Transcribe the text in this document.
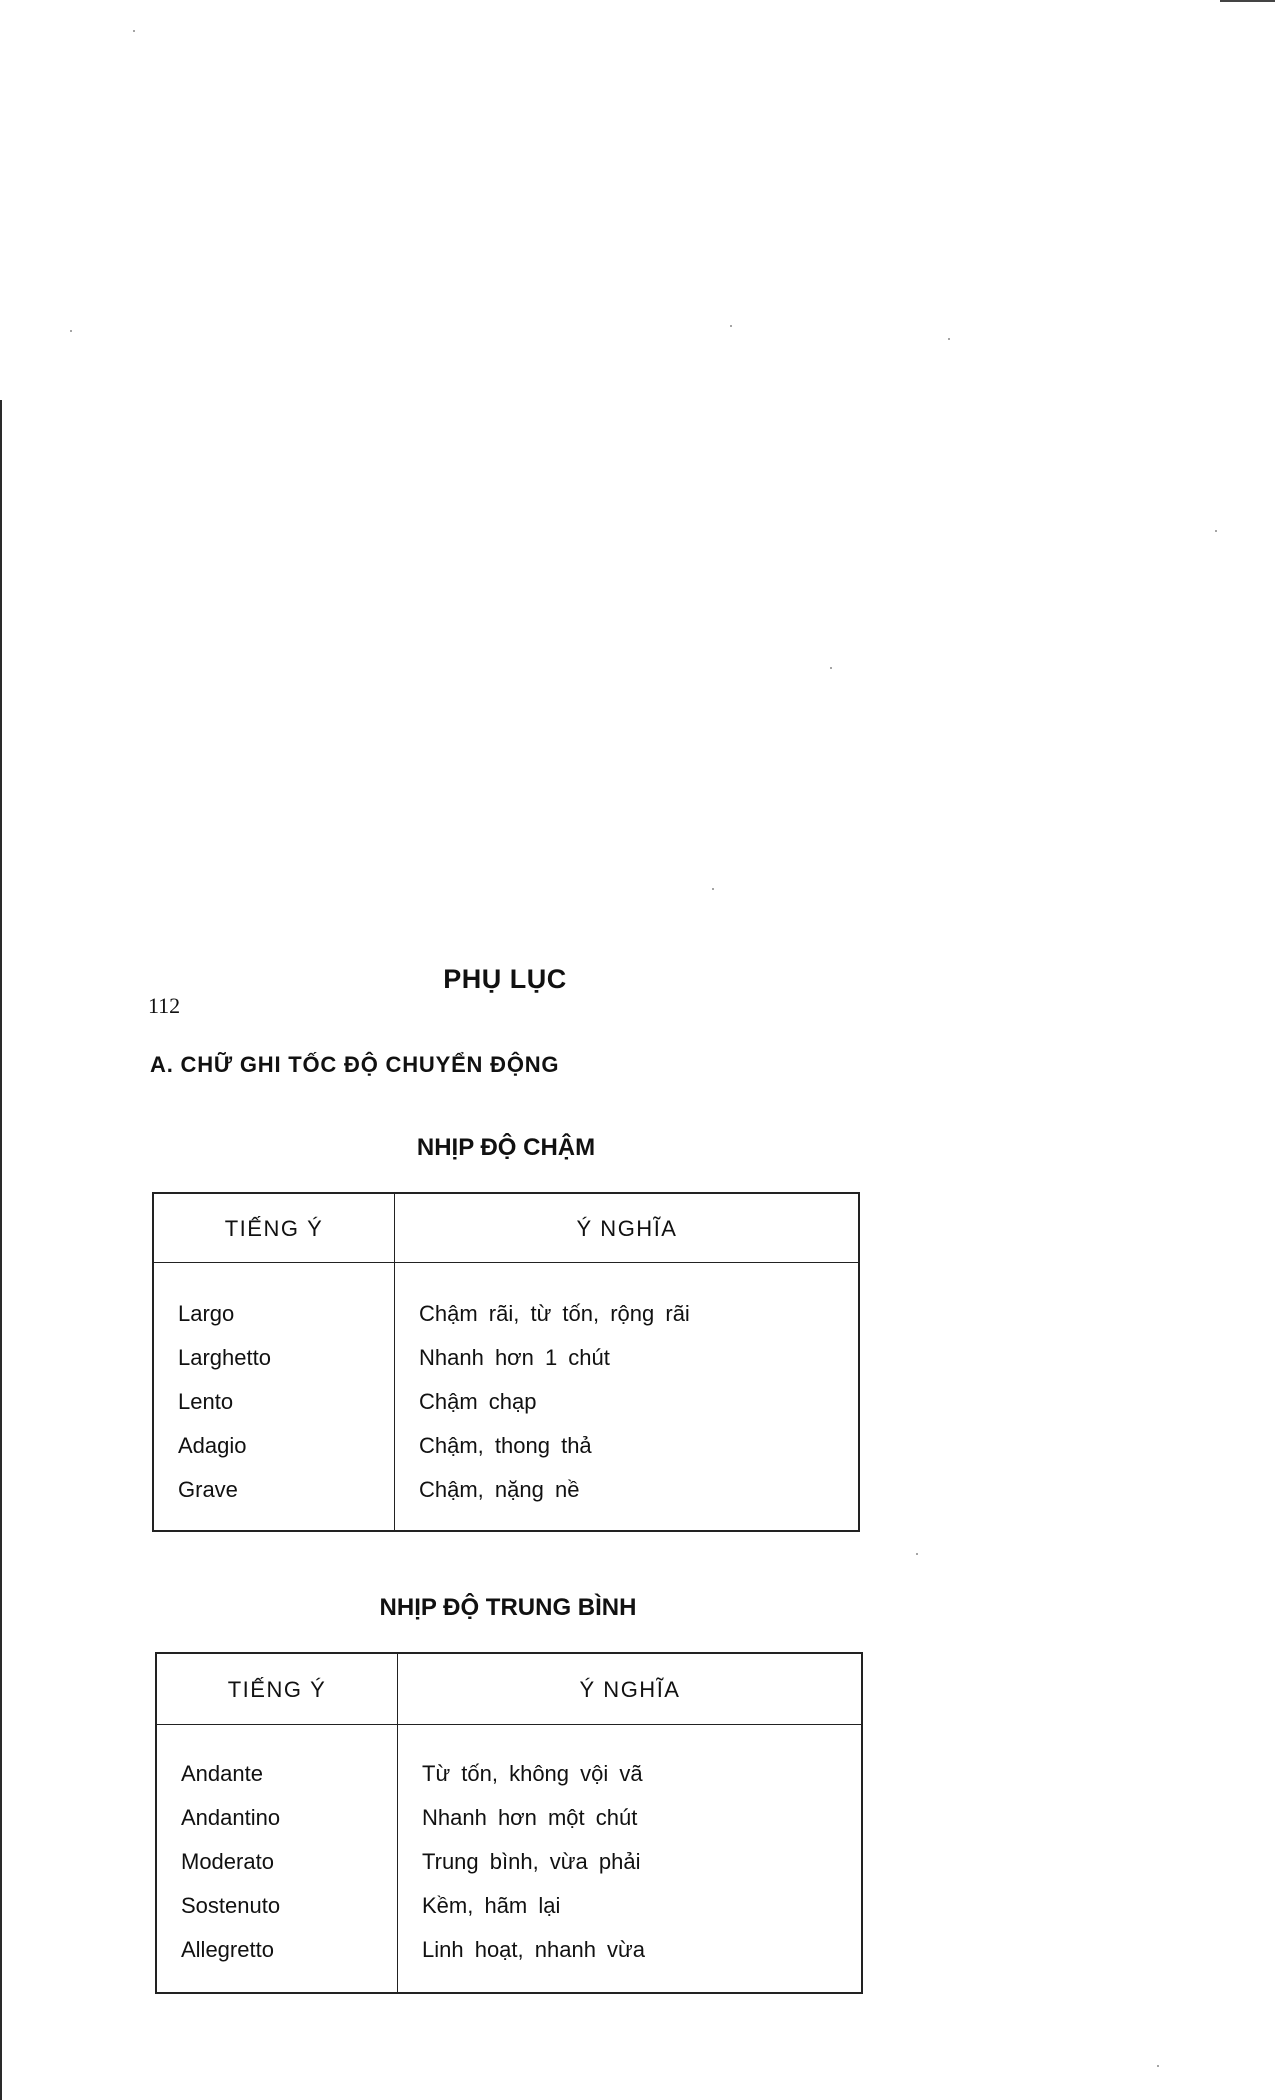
PHỤ LỤC
112
A. CHỮ GHI TỐC ĐỘ CHUYỂN ĐỘNG
NHỊP ĐỘ CHẬM
TIẾNG Ý	Ý NGHĨA
Largo
Larghetto
Lento
Adagio
Grave
Chậm rãi, từ tốn, rộng rãi
Nhanh hơn 1 chút
Chậm chạp
Chậm, thong thả
Chậm, nặng nề
NHỊP ĐỘ TRUNG BÌNH
TIẾNG Ý	Ý NGHĨA
Andante
Andantino
Moderato
Sostenuto
Allegretto
Từ tốn, không vội vã
Nhanh hơn một chút
Trung bình, vừa phải
Kềm, hãm lại
Linh hoạt, nhanh vừa
